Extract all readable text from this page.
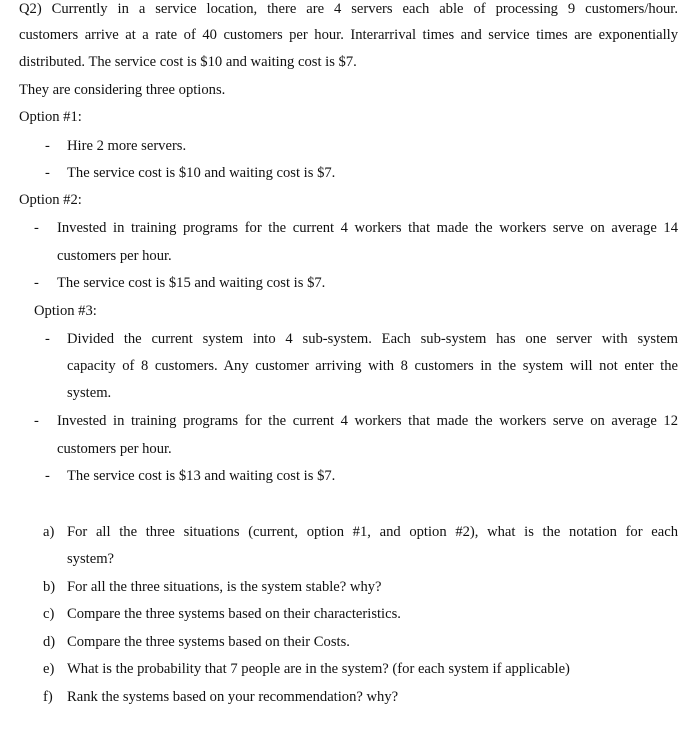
Q2) Currently in a service location, there are 4 servers each able of processing 9 customers/hour.
customers arrive at a rate of 40 customers per hour. Interarrival times and service times are exponentially
distributed. The service cost is $10 and waiting cost is $7.
They are considering three options.
Option #1:
- Hire 2 more servers.
- The service cost is $10 and waiting cost is $7.
Option #2:
- Invested in training programs for the current 4 workers that made the workers serve on average 14
customers per hour.
- The service cost is $15 and waiting cost is $7.
Option #3:
- Divided the current system into 4 sub-system. Each sub-system has one server with system
capacity of 8 customers. Any customer arriving with 8 customers in the system will not enter the
system.
- Invested in training programs for the current 4 workers that made the workers serve on average 12
customers per hour.
- The service cost is $13 and waiting cost is $7.
a) For all the three situations (current, option #1, and option #2), what is the notation for each
system?
b) For all the three situations, is the system stable? why?
c) Compare the three systems based on their characteristics.
d) Compare the three systems based on their Costs.
e) What is the probability that 7 people are in the system? (for each system if applicable)
f) Rank the systems based on your recommendation? why?
